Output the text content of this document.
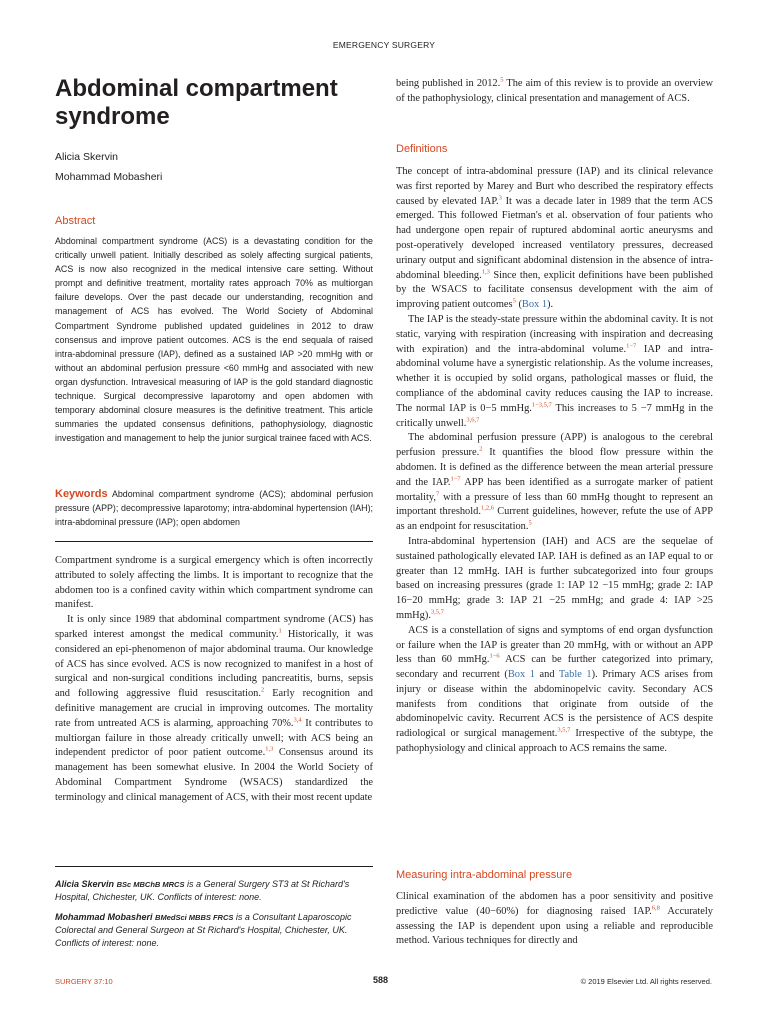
EMERGENCY SURGERY
Abdominal compartment syndrome
Alicia Skervin
Mohammad Mobasheri
Abstract
Abdominal compartment syndrome (ACS) is a devastating condition for the critically unwell patient. Initially described as solely affecting surgical patients, ACS is now also recognized in the medical intensive care setting. Without prompt and definitive treatment, mortality rates approach 70% as multiorgan failure develops. Over the past decade our understanding, recognition and management of ACS has evolved. The World Society of Abdominal Compartment Syndrome published updated guidelines in 2012 to draw consensus and improve patient outcomes. ACS is the end sequala of raised intra-abdominal pressure (IAP), defined as a sustained IAP >20 mmHg with or without an abdominal perfusion pressure <60 mmHg and associated with new organ dysfunction. Intravesical measuring of IAP is the gold standard diagnostic technique. Surgical decompressive laparotomy and open abdomen with temporary abdominal closure measures is the definitive treatment. This article summaries the updated consensus definitions, pathophysiology, diagnostic investigation and management to help the junior surgical trainee faced with ACS.
Keywords Abdominal compartment syndrome (ACS); abdominal perfusion pressure (APP); decompressive laparotomy; intra-abdominal hypertension (IAH); intra-abdominal pressure (IAP); open abdomen

Compartment syndrome is a surgical emergency which is often incorrectly attributed to solely affecting the limbs. It is important to recognize that the abdomen too is a confined cavity within which compartment syndrome can manifest.

It is only since 1989 that abdominal compartment syndrome (ACS) has sparked interest amongst the medical community.$^1$ Historically, it was considered an epi-phenomenon of major abdominal trauma. Our knowledge of ACS has since evolved. ACS is now recognized to manifest in a host of surgical and non-surgical conditions including pancreatitis, burns, sepsis and following aggressive fluid resuscitation.$^2$ Early recognition and definitive management are crucial in improving outcomes. The mortality rate from untreated ACS is alarming, approaching 70%.$^{3,4}$ It contributes to multiorgan failure in those already critically unwell; with ACS being an independent predictor of poor patient outcome.$^{1,3}$ Consensus around its management has been somewhat elusive. In 2004 the World Society of Abdominal Compartment Syndrome (WSACS) standardized the terminology and clinical management of ACS, with their most recent update

Alicia Skervin BSc MBChB MRCS is a General Surgery ST3 at St Richard's Hospital, Chichester, UK. Conflicts of interest: none.
Mohammad Mobasheri BMedSci MBBS FRCS is a Consultant Laparoscopic Colorectal and General Surgeon at St Richard's Hospital, Chichester, UK. Conflicts of interest: none.

being published in 2012.$^5$ The aim of this review is to provide an overview of the pathophysiology, clinical presentation and management of ACS.

Definitions

The concept of intra-abdominal pressure (IAP) and its clinical relevance was first reported by Marey and Burt who described the respiratory effects caused by elevated IAP.$^3$ It was a decade later in 1989 that the term ACS emerged. This followed Fietman's et al. observation of four patients who had undergone open repair of ruptured abdominal aortic aneurysms and post-operatively developed increased ventilatory pressures, decreased urinary output and significant abdominal distension in the absence of intra-abdominal bleeding.$^{1,3}$ Since then, explicit definitions have been published by the WSACS to facilitate consensus development with the aim of improving patient outcomes$^5$ (Box 1).

The IAP is the steady-state pressure within the abdominal cavity. It is not static, varying with respiration (increasing with inspiration and decreasing with expiration) and the intra-abdominal volume.$^{1-7}$ IAP and intra-abdominal volume have a synergistic relationship. As the volume increases, whether it is occupied by solid organs, pathological masses or fluid, the compliance of the abdominal cavity reduces causing the IAP to increase. The normal IAP is 0−5 mmHg.$^{1-3,5,7}$ This increases to 5 −7 mmHg in the critically unwell.$^{3,6,7}$

The abdominal perfusion pressure (APP) is analogous to the cerebral perfusion pressure.$^2$ It quantifies the blood flow pressure within the abdomen. It is defined as the difference between the mean arterial pressure and the IAP.$^{1-7}$ APP has been identified as a surrogate marker of patient mortality,$^7$ with a pressure of less than 60 mmHg thought to represent an important threshold.$^{1,2,6}$ Current guidelines, however, refute the use of APP as an endpoint for resuscitation.$^5$

Intra-abdominal hypertension (IAH) and ACS are the sequelae of sustained pathologically elevated IAP. IAH is defined as an IAP equal to or greater than 12 mmHg. IAH is further subcategorized into four groups based on increasing pressures (grade 1: IAP 12 −15 mmHg; grade 2: IAP 16−20 mmHg; grade 3: IAP 21 −25 mmHg; and grade 4: IAP >25 mmHg).$^{3,5,7}$

ACS is a constellation of signs and symptoms of end organ dysfunction or failure when the IAP is greater than 20 mmHg, with or without an APP less than 60 mmHg.$^{1-6}$ ACS can be further categorized into primary, secondary and recurrent (Box 1 and Table 1). Primary ACS arises from injury or disease within the abdominopelvic cavity. Secondary ACS manifests from conditions that originate from outside of the abdominopelvic cavity. Recurrent ACS is the persistence of ACS despite radiological or surgical management.$^{3,5,7}$ Irrespective of the subtype, the pathophysiology and clinical approach to ACS remains the same.

Measuring intra-abdominal pressure

Clinical examination of the abdomen has a poor sensitivity and positive predictive value (40−60%) for diagnosing raised IAP.$^{6,8}$ Accurately assessing the IAP is dependent upon using a reliable and reproducible method. Various techniques for directly and

SURGERY 37:10	588	© 2019 Elsevier Ltd. All rights reserved.
